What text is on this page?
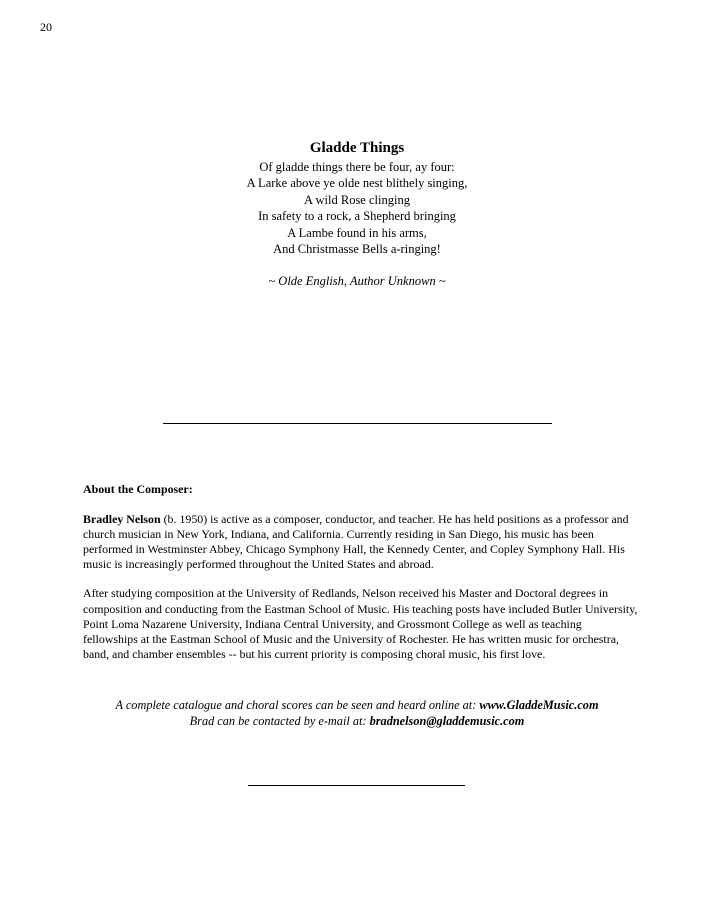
20
Gladde Things
Of gladde things there be four, ay four:
A Larke above ye olde nest blithely singing,
A wild Rose clinging
In safety to a rock, a Shepherd bringing
A Lambe found in his arms,
And Christmasse Bells a-ringing!
~ Olde English, Author Unknown ~
About the Composer:

Bradley Nelson (b. 1950) is active as a composer, conductor, and teacher. He has held positions as a professor and church musician in New York, Indiana, and California. Currently residing in San Diego, his music has been performed in Westminster Abbey, Chicago Symphony Hall, the Kennedy Center, and Copley Symphony Hall. His music is increasingly performed throughout the United States and abroad.

After studying composition at the University of Redlands, Nelson received his Master and Doctoral degrees in composition and conducting from the Eastman School of Music. His teaching posts have included Butler University, Point Loma Nazarene University, Indiana Central University, and Grossmont College as well as teaching fellowships at the Eastman School of Music and the University of Rochester. He has written music for orchestra, band, and chamber ensembles -- but his current priority is composing choral music, his first love.

A complete catalogue and choral scores can be seen and heard online at: www.GladdeMusic.com
Brad can be contacted by e-mail at: bradnelson@gladdemusic.com
